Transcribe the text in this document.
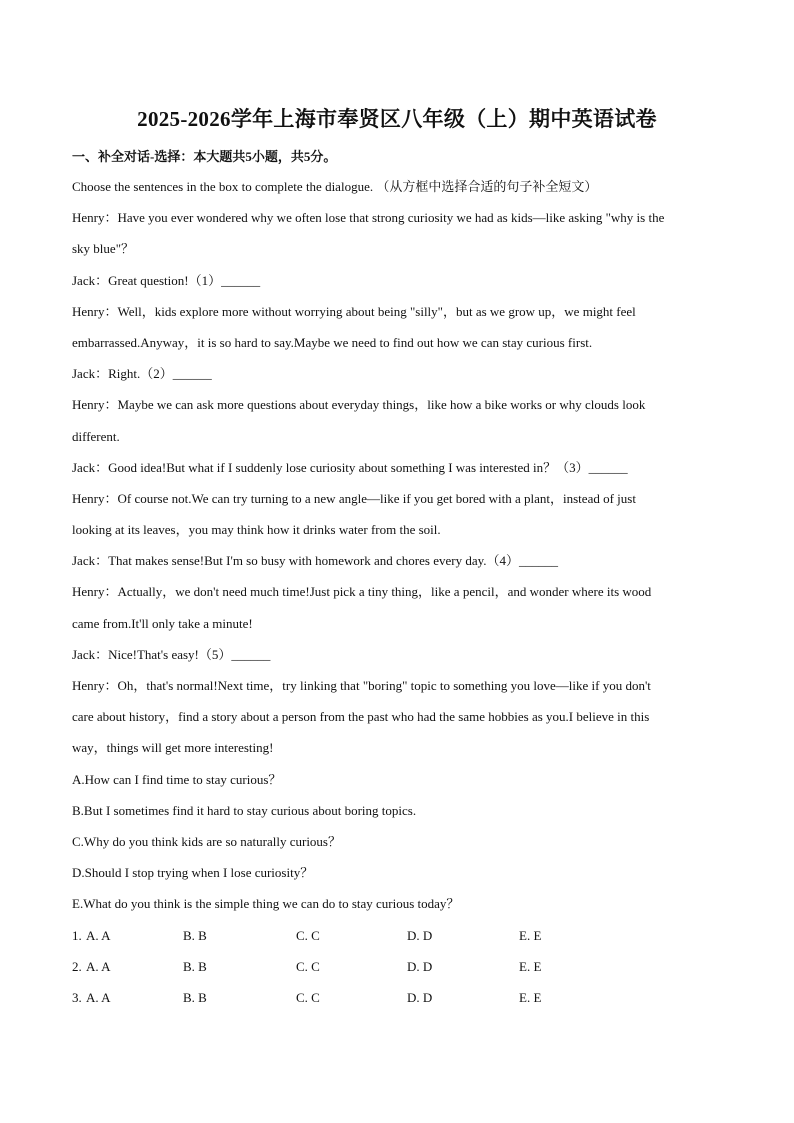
2025-2026学年上海市奉贤区八年级（上）期中英语试卷
一、补全对话-选择：本大题共5小题，共5分。
Choose the sentences in the box to complete the dialogue. （从方框中选择合适的句子补全短文）
Henry：Have you ever wondered why we often lose that strong curiosity we had as kids—like asking "why is the
sky blue"？
Jack：Great question!（1）______
Henry：Well，kids explore more without worrying about being "silly"，but as we grow up，we might feel
embarrassed.Anyway，it is so hard to say.Maybe we need to find out how we can stay curious first.
Jack：Right.（2）______
Henry：Maybe we can ask more questions about everyday things，like how a bike works or why clouds look
different.
Jack：Good idea!But what if I suddenly lose curiosity about something I was interested in？（3）______
Henry：Of course not.We can try turning to a new angle—like if you get bored with a plant，instead of just
looking at its leaves，you may think how it drinks water from the soil.
Jack：That makes sense!But I'm so busy with homework and chores every day.（4）______
Henry：Actually，we don't need much time!Just pick a tiny thing，like a pencil，and wonder where its wood
came from.It'll only take a minute!
Jack：Nice!That's easy!（5）______
Henry：Oh，that's normal!Next time，try linking that "boring" topic to something you love—like if you don't
care about history，find a story about a person from the past who had the same hobbies as you.I believe in this
way，things will get more interesting!
A.How can I find time to stay curious？
B.But I sometimes find it hard to stay curious about boring topics.
C.Why do you think kids are so naturally curious？
D.Should I stop trying when I lose curiosity？
E.What do you think is the simple thing we can do to stay curious today？
1. A. A	B. B	C. C	D. D	E. E
2. A. A	B. B	C. C	D. D	E. E
3. A. A	B. B	C. C	D. D	E. E
